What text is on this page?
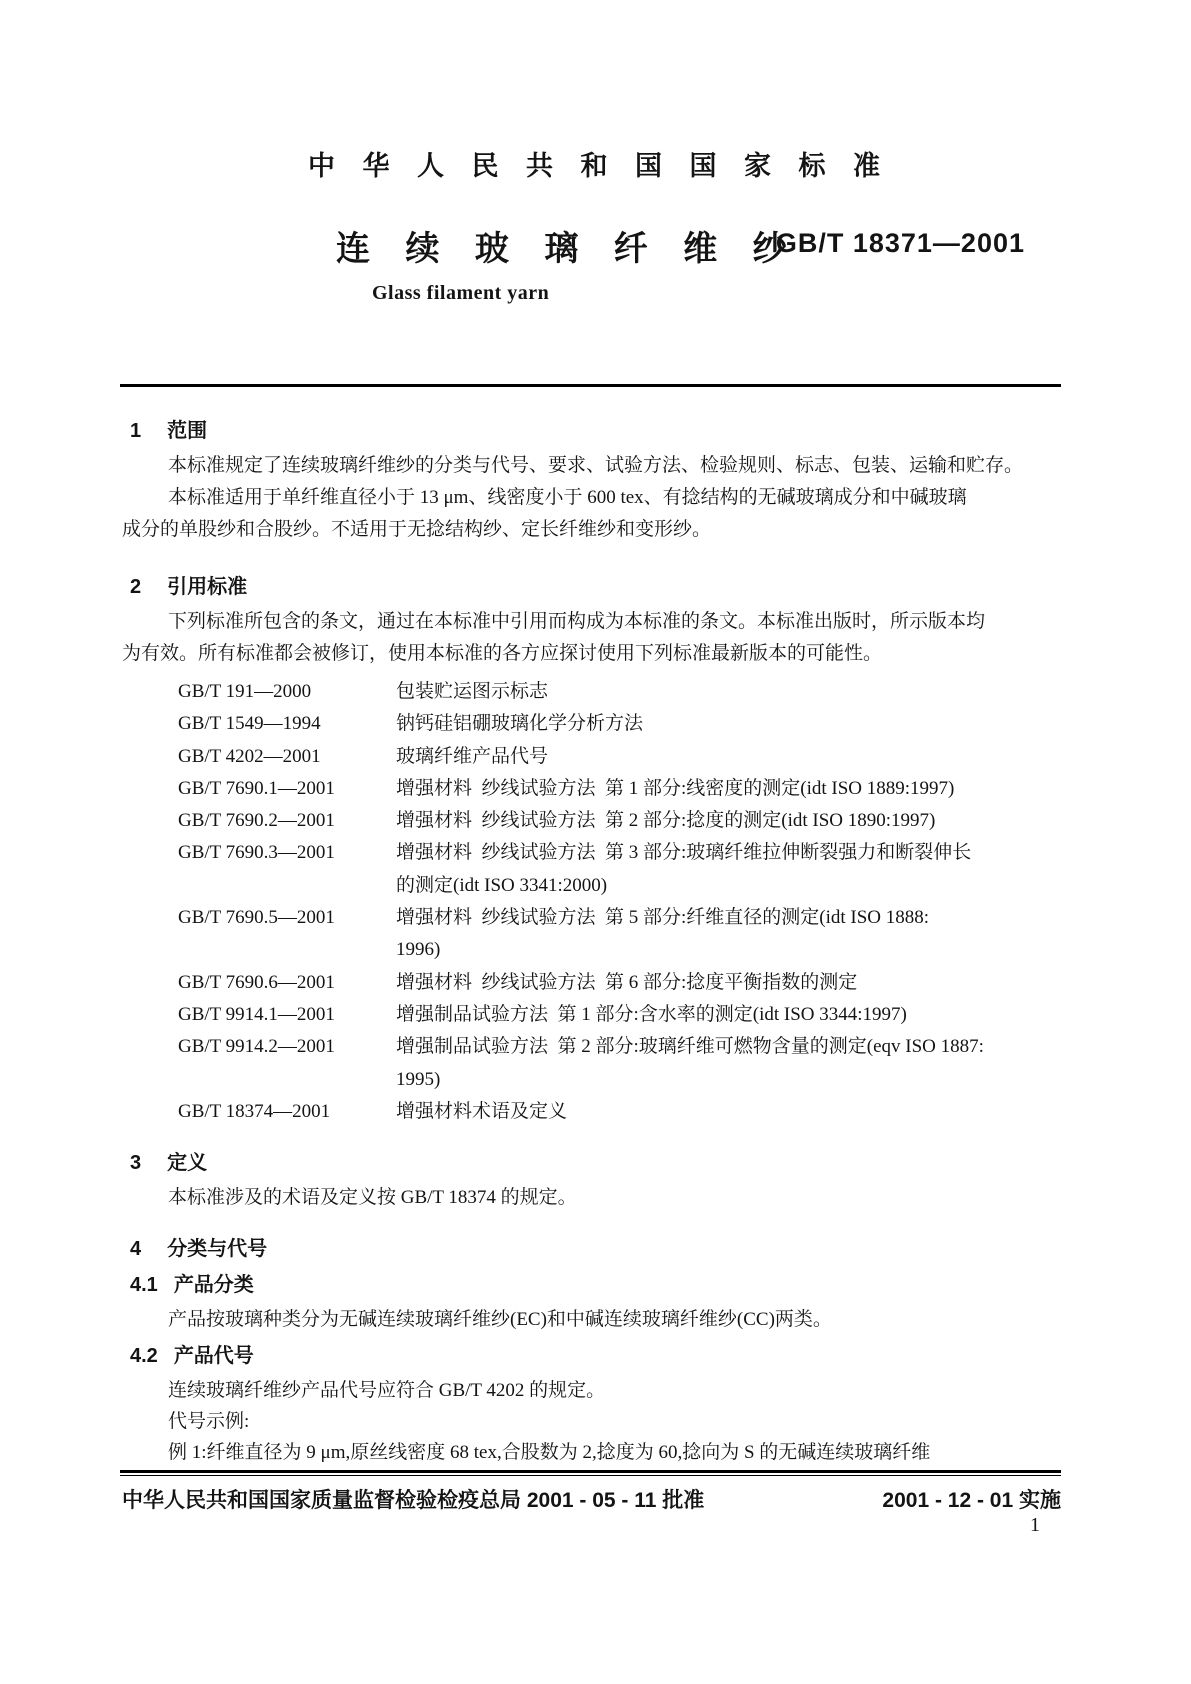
中 华 人 民 共 和 国 国 家 标 准
连 续 玻 璃 纤 维 纱
GB/T 18371—2001
Glass filament yarn
1 范围
本标准规定了连续玻璃纤维纱的分类与代号、要求、试验方法、检验规则、标志、包装、运输和贮存。
本标准适用于单纤维直径小于 13 μm、线密度小于 600 tex、有捻结构的无碱玻璃成分和中碱玻璃
成分的单股纱和合股纱。不适用于无捻结构纱、定长纤维纱和变形纱。
2 引用标准
下列标准所包含的条文，通过在本标准中引用而构成为本标准的条文。本标准出版时，所示版本均
为有效。所有标准都会被修订，使用本标准的各方应探讨使用下列标准最新版本的可能性。
GB/T 191—2000	包装贮运图示标志
GB/T 1549—1994	钠钙硅铝硼玻璃化学分析方法
GB/T 4202—2001	玻璃纤维产品代号
GB/T 7690.1—2001	增强材料  纱线试验方法  第 1 部分:线密度的测定(idt ISO 1889:1997)
GB/T 7690.2—2001	增强材料  纱线试验方法  第 2 部分:捻度的测定(idt ISO 1890:1997)
GB/T 7690.3—2001	增强材料  纱线试验方法  第 3 部分:玻璃纤维拉伸断裂强力和断裂伸长
的测定(idt ISO 3341:2000)
GB/T 7690.5—2001	增强材料  纱线试验方法  第 5 部分:纤维直径的测定(idt ISO 1888:
1996)
GB/T 7690.6—2001	增强材料  纱线试验方法  第 6 部分:捻度平衡指数的测定
GB/T 9914.1—2001	增强制品试验方法  第 1 部分:含水率的测定(idt ISO 3344:1997)
GB/T 9914.2—2001	增强制品试验方法  第 2 部分:玻璃纤维可燃物含量的测定(eqv ISO 1887:
1995)
GB/T 18374—2001	增强材料术语及定义
3 定义
本标准涉及的术语及定义按 GB/T 18374 的规定。
4 分类与代号
4.1 产品分类
产品按玻璃种类分为无碱连续玻璃纤维纱(EC)和中碱连续玻璃纤维纱(CC)两类。
4.2 产品代号
连续玻璃纤维纱产品代号应符合 GB/T 4202 的规定。
代号示例:
例 1:纤维直径为 9 μm,原丝线密度 68 tex,合股数为 2,捻度为 60,捻向为 S 的无碱连续玻璃纤维
中华人民共和国国家质量监督检验检疫总局 2001 - 05 - 11 批准	2001 - 12 - 01 实施
1
